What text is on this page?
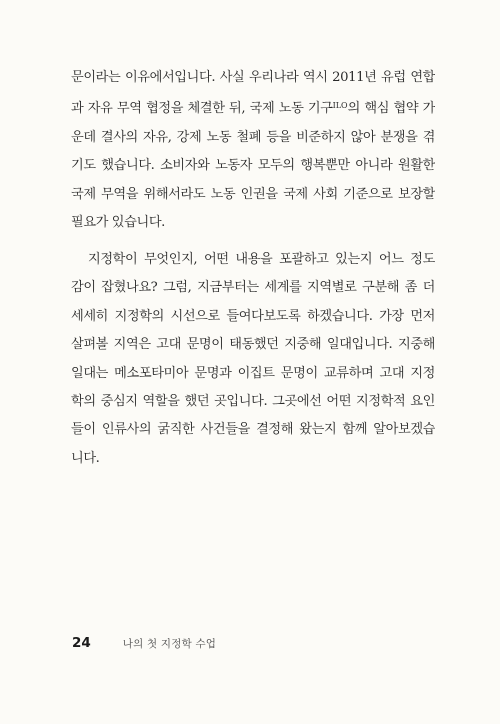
문이라는 이유에서입니다. 사실 우리나라 역시 2011년 유럽 연합
과 자유 무역 협정을 체결한 뒤, 국제 노동 기구$^{ILO}$의 핵심 협약 가
운데 결사의 자유, 강제 노동 철폐 등을 비준하지 않아 분쟁을 겪
기도 했습니다. 소비자와 노동자 모두의 행복뿐만 아니라 원활한
국제 무역을 위해서라도 노동 인권을 국제 사회 기준으로 보장할
필요가 있습니다.
지정학이 무엇인지, 어떤 내용을 포괄하고 있는지 어느 정도
감이 잡혔나요? 그럼, 지금부터는 세계를 지역별로 구분해 좀 더
세세히 지정학의 시선으로 들여다보도록 하겠습니다. 가장 먼저
살펴볼 지역은 고대 문명이 태동했던 지중해 일대입니다. 지중해
일대는 메소포타미아 문명과 이집트 문명이 교류하며 고대 지정
학의 중심지 역할을 했던 곳입니다. 그곳에선 어떤 지정학적 요인
들이 인류사의 굵직한 사건들을 결정해 왔는지 함께 알아보겠습
니다.
24	나의 첫 지정학 수업
